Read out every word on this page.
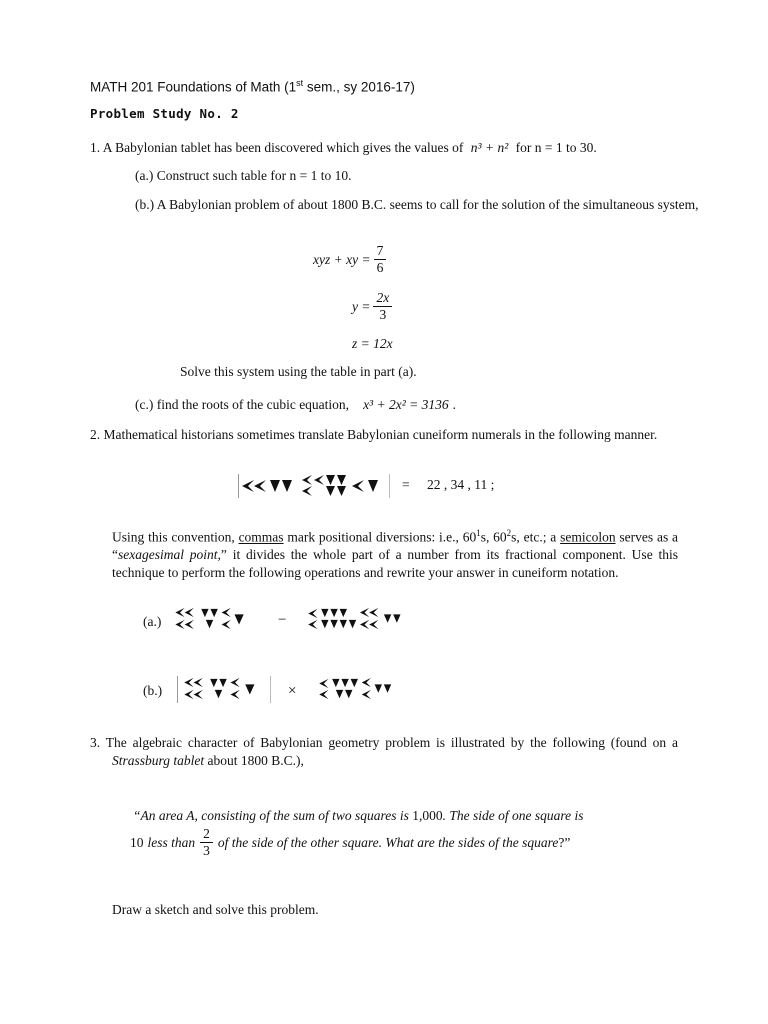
MATH 201 Foundations of Math (1st sem., sy 2016-17)
Problem Study No. 2
1. A Babylonian tablet has been discovered which gives the values of n³ + n² for n = 1 to 30.
(a.) Construct such table for n = 1 to 10.
(b.) A Babylonian problem of about 1800 B.C. seems to call for the solution of the simultaneous system,
xyz + xy = $\frac{7}{6}$
$y = \frac{2x}{3}$
z = 12x
Solve this system using the table in part (a).
(c.) find the roots of the cubic equation, x³ + 2x² = 3136 .
2. Mathematical historians sometimes translate Babylonian cuneiform numerals in the following manner.
= 22 , 34 , 11 ;
Using this convention, commas mark positional diversions: i.e., $60^1s$, $60^2s$, etc.; a semicolon serves as a “sexagesimal point,” it divides the whole part of a number from its fractional component. Use this technique to perform the following operations and rewrite your answer in cuneiform notation.
(a.)	−
(b.)	×
3. The algebraic character of Babylonian geometry problem is illustrated by the following (found on a Strassburg tablet about 1800 B.C.),
“An area A, consisting of the sum of two squares is 1,000. The side of one square is
10 less than $\frac{2}{3}$ of the side of the other square. What are the sides of the square ?”
Draw a sketch and solve this problem.
